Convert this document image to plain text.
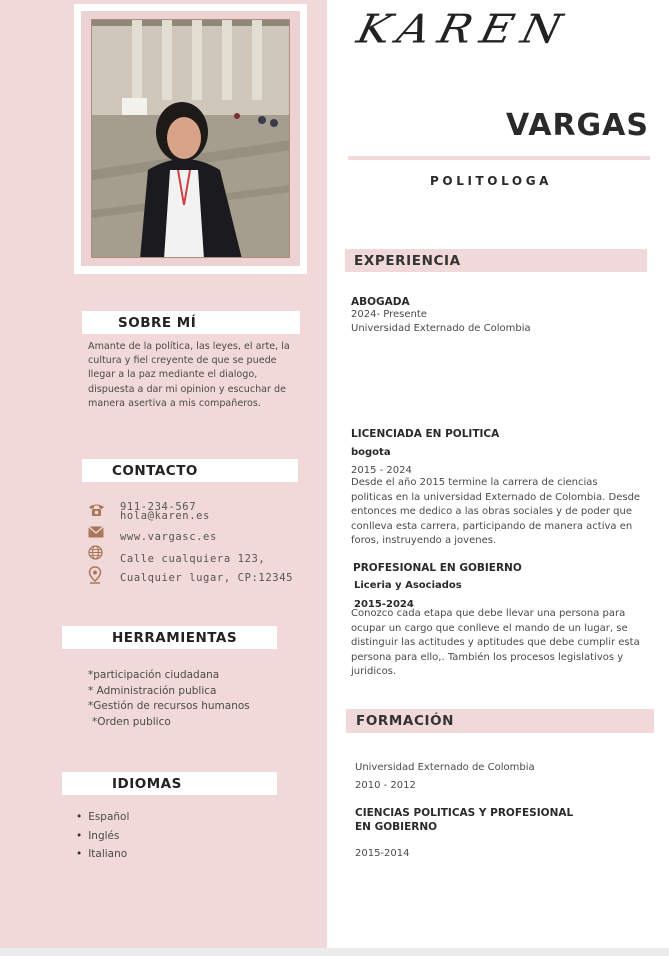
SOBRE MÍ
Amante de la política, las leyes, el arte, la cultura y fiel creyente de que se puede llegar a la paz mediante el dialogo, dispuesta a dar mi opinion y escuchar de manera asertiva a mis compañeros.
CONTACTO
911-234-567
hola@karen.es
www.vargasc.es
Calle cualquiera 123,
Cualquier lugar, CP:12345
HERRAMIENTAS
*participación ciudadana
* Administración publica
*Gestión de recursos humanos
*Orden publico
IDIOMAS
• Español
• Inglés
• Italiano
KAREN
VARGAS
POLITOLOGA
EXPERIENCIA
ABOGADA
2024- Presente
Universidad Externado de Colombia
LICENCIADA EN POLITICA
bogota
2015 - 2024
Desde el año 2015 termine la carrera de ciencias politicas en la universidad Externado de Colombia. Desde entonces me dedico a las obras sociales y de poder que conlleva esta carrera, participando de manera activa en foros, instruyendo a jovenes.
PROFESIONAL EN GOBIERNO
Liceria y Asociados
2015-2024
Conozco cada etapa que debe llevar una persona para ocupar un cargo que conlleve el mando de un lugar, se distinguir las actitudes y aptitudes que debe cumplir esta persona para ello,. También los procesos legislativos y juridicos.
FORMACIÓN
Universidad Externado de Colombia
2010 - 2012
CIENCIAS POLITICAS Y PROFESIONAL
EN GOBIERNO
2015-2014
